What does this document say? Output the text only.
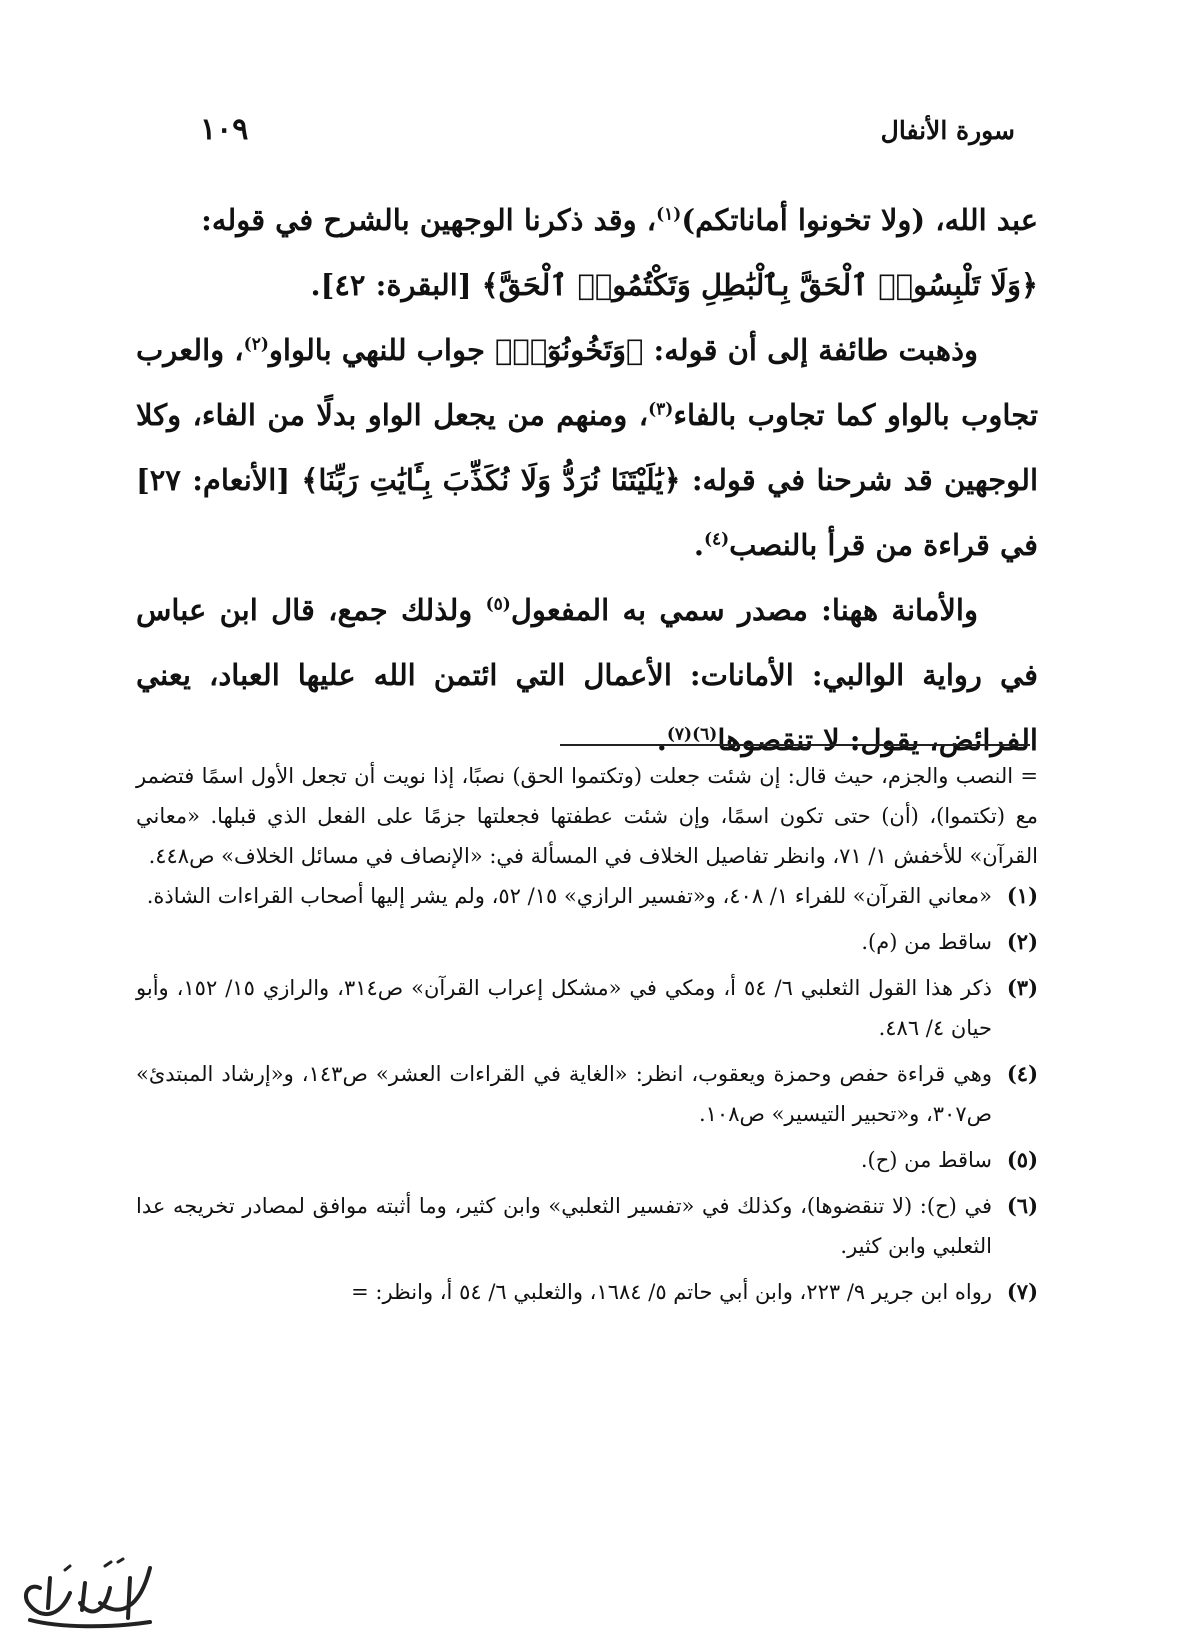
١٠٩	سورة الأنفال

عبد الله، (ولا تخونوا أماناتكم)$^{(١)}$، وقد ذكرنا الوجهين بالشرح في قوله:
﴿وَلَا تَلْبِسُوا۟ ٱلْحَقَّ بِٱلْبَٰطِلِ وَتَكْتُمُوا۟ ٱلْحَقَّ﴾ [البقرة: ٤٢].

وذهبت طائفة إلى أن قوله: ﴿وَتَخُونُوٓا۟﴾ جواب للنهي بالواو$^{(٢)}$، والعرب تجاوب بالواو كما تجاوب بالفاء$^{(٣)}$، ومنهم من يجعل الواو بدلًا من الفاء، وكلا الوجهين قد شرحنا في قوله: ﴿يَٰلَيْتَنَا نُرَدُّ وَلَا نُكَذِّبَ بِـَٔايَٰتِ رَبِّنَا﴾ [الأنعام: ٢٧] في قراءة من قرأ بالنصب$^{(٤)}$.

والأمانة ههنا: مصدر سمي به المفعول$^{(٥)}$ ولذلك جمع، قال ابن عباس في رواية الوالبي: الأمانات: الأعمال التي ائتمن الله عليها العباد، يعني الفرائض، يقول: لا تنقصوها$^{(٦)(٧)}$.

= النصب والجزم، حيث قال: إن شئت جعلت (وتكتموا الحق) نصبًا، إذا نويت أن تجعل الأول اسمًا فتضمر مع (تكتموا)، (أن) حتى تكون اسمًا، وإن شئت عطفتها فجعلتها جزمًا على الفعل الذي قبلها. «معاني القرآن» للأخفش ١/ ٧١، وانظر تفاصيل الخلاف في المسألة في: «الإنصاف في مسائل الخلاف» ص٤٤٨.

(١)
«معاني القرآن» للفراء ١/ ٤٠٨، و«تفسير الرازي» ١٥/ ٥٢، ولم يشر إليها أصحاب القراءات الشاذة.
(٢)
ساقط من (م).
(٣)
ذكر هذا القول الثعلبي ٦/ ٥٤ أ، ومكي في «مشكل إعراب القرآن» ص٣١٤، والرازي ١٥/ ١٥٢، وأبو حيان ٤/ ٤٨٦.
(٤)
وهي قراءة حفص وحمزة ويعقوب، انظر: «الغاية في القراءات العشر» ص١٤٣، و«إرشاد المبتدئ» ص٣٠٧، و«تحبير التيسير» ص١٠٨.
(٥)
ساقط من (ح).
(٦)
في (ح): (لا تنقضوها)، وكذلك في «تفسير الثعلبي» وابن كثير، وما أثبته موافق لمصادر تخريجه عدا الثعلبي وابن كثير.
(٧)
رواه ابن جرير ٩/ ٢٢٣، وابن أبي حاتم ٥/ ١٦٨٤، والثعلبي ٦/ ٥٤ أ، وانظر: =
